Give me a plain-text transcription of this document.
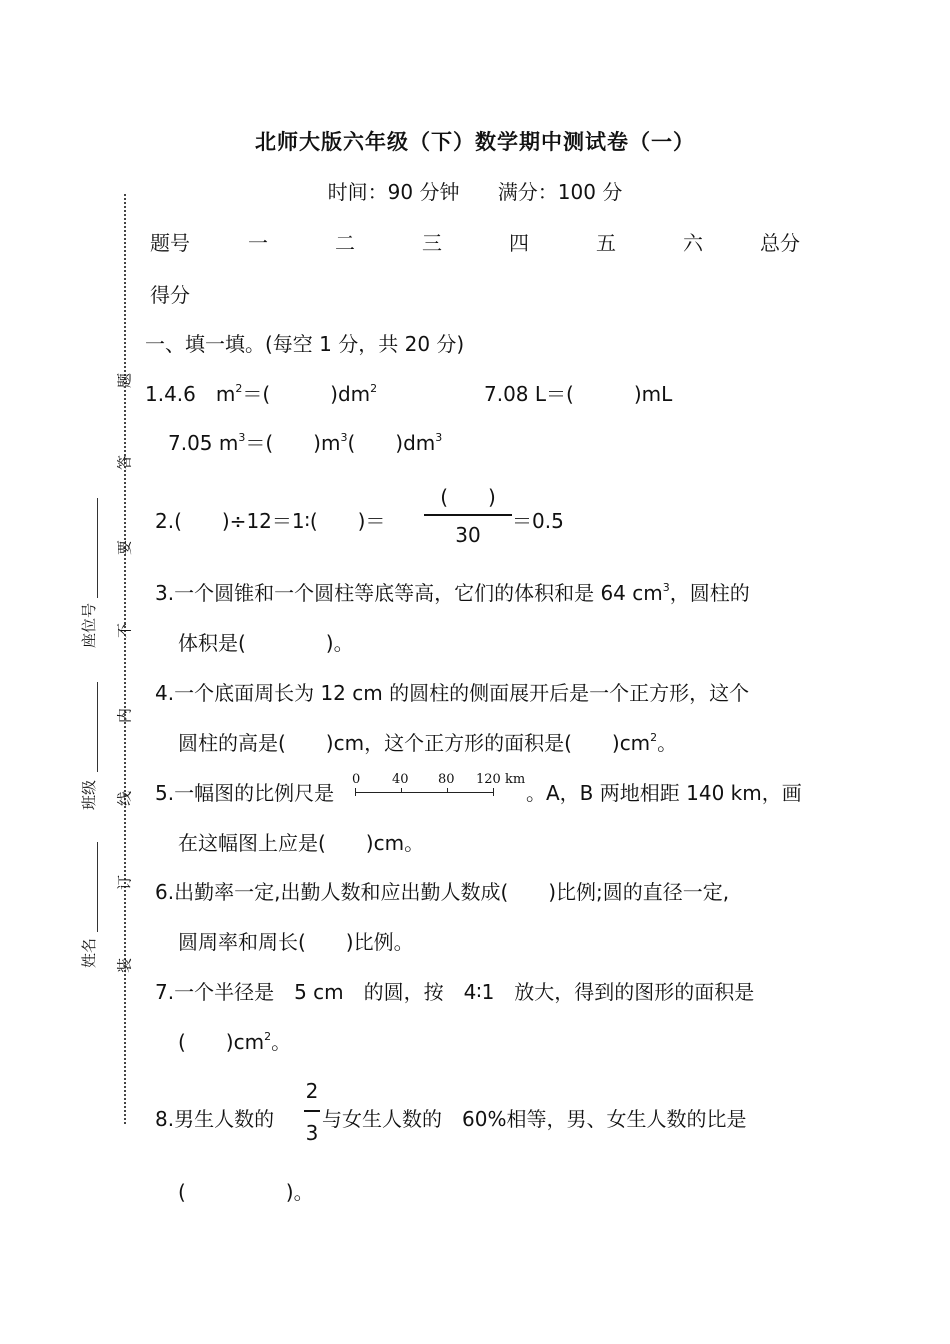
北师大版六年级（下）数学期中测试卷（一）
时间：90 分钟 满分：100 分
题号	一	二	三	四	五	六	总分
得分
一、填一填。(每空 1 分，共 20 分)
1.4.6　$m^2=$(　　　)$dm^2$	7.08 L＝(　　　)mL
7.05 $m^3=$(　　)$m^3$(　　)$dm^3$
2.(　　)÷12＝1∶(　　)＝
(　　)
30
＝0.5
3.一个圆锥和一个圆柱等底等高，它们的体积和是 64 $cm^3$，圆柱的
体积是(　　　　)。
4.一个底面周长为 12 cm 的圆柱的侧面展开后是一个正方形，这个
圆柱的高是(　　)cm，这个正方形的面积是(　　)$cm^2$。
5.一幅图的比例尺是
0 40 80 120 km
。A，B 两地相距 140 km，画
在这幅图上应是(　　)cm。
6.出勤率一定,出勤人数和应出勤人数成(　　)比例;圆的直径一定,
圆周率和周长(　　)比例。
7.一个半径是　5 cm　的圆，按　4∶1　放大，得到的图形的面积是
(　　)$cm^2$。
8.男生人数的
2
3
与女生人数的　60%相等，男、女生人数的比是
(　　　　　)。
题
答
要
不
内
线
订
装
座位号
班级
姓名
